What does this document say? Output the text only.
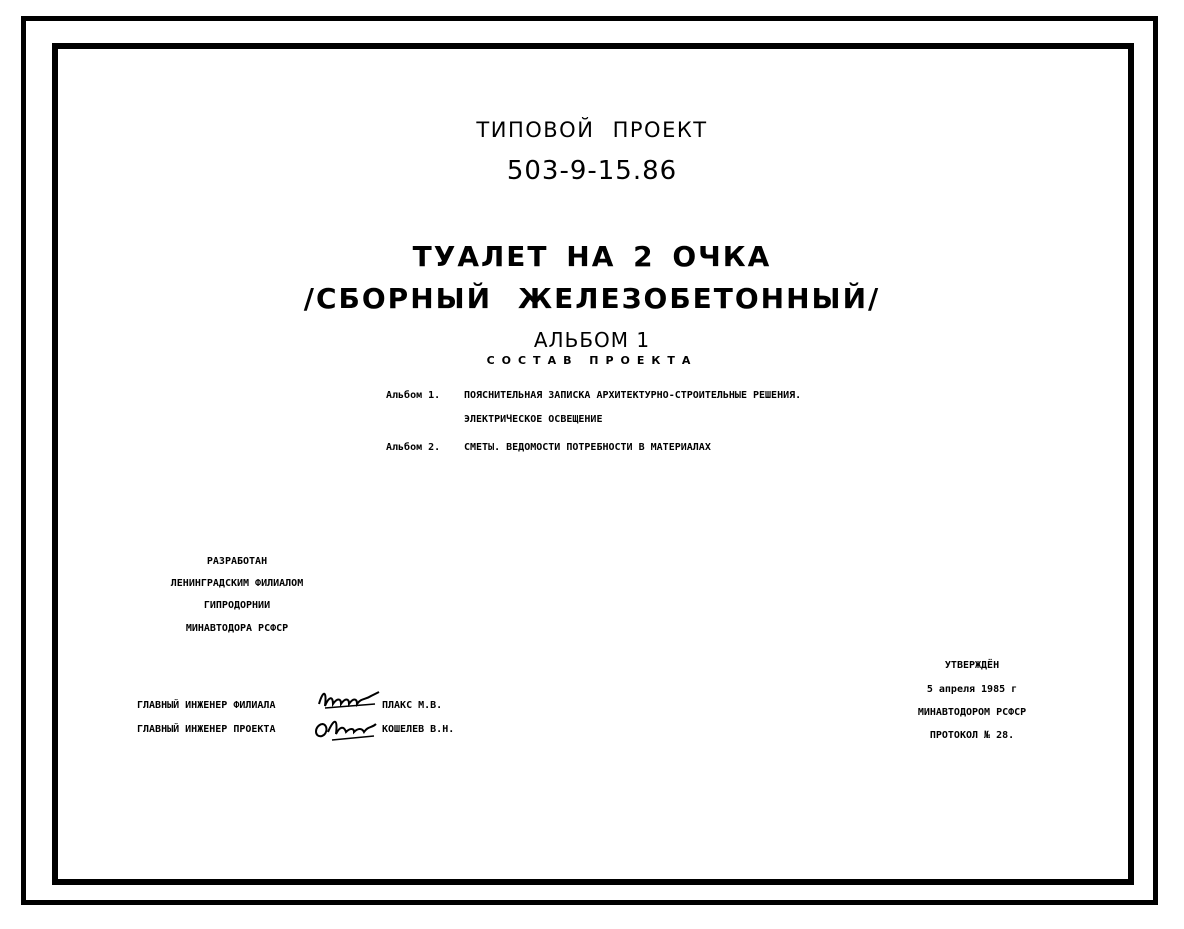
ТИПОВОЙ ПРОЕКТ
503-9-15.86
ТУАЛЕТ НА 2 ОЧКА
/СБОРНЫЙ ЖЕЛЕЗОБЕТОННЫЙ/
АЛЬБОМ 1
СОСТАВ ПРОЕКТА
Альбом 1. ПОЯСНИТЕЛЬНАЯ ЗАПИСКА АРХИТЕКТУРНО-СТРОИТЕЛЬНЫЕ РЕШЕНИЯ.
ЭЛЕКТРИЧЕСКОЕ ОСВЕЩЕНИЕ
Альбом 2. СМЕТЫ. ВЕДОМОСТИ ПОТРЕБНОСТИ В МАТЕРИАЛАХ
РАЗРАБОТАН
ЛЕНИНГРАДСКИМ ФИЛИАЛОМ
ГИПРОДОРНИИ
МИНАВТОДОРА РСФСР
ГЛАВНЫЙ ИНЖЕНЕР ФИЛИАЛА	ПЛАКС М.В.
ГЛАВНЫЙ ИНЖЕНЕР ПРОЕКТА	КОШЕЛЕВ В.Н.
УТВЕРЖДЁН
5 апреля 1985 г
МИНАВТОДОРОМ РСФСР
ПРОТОКОЛ № 28.
